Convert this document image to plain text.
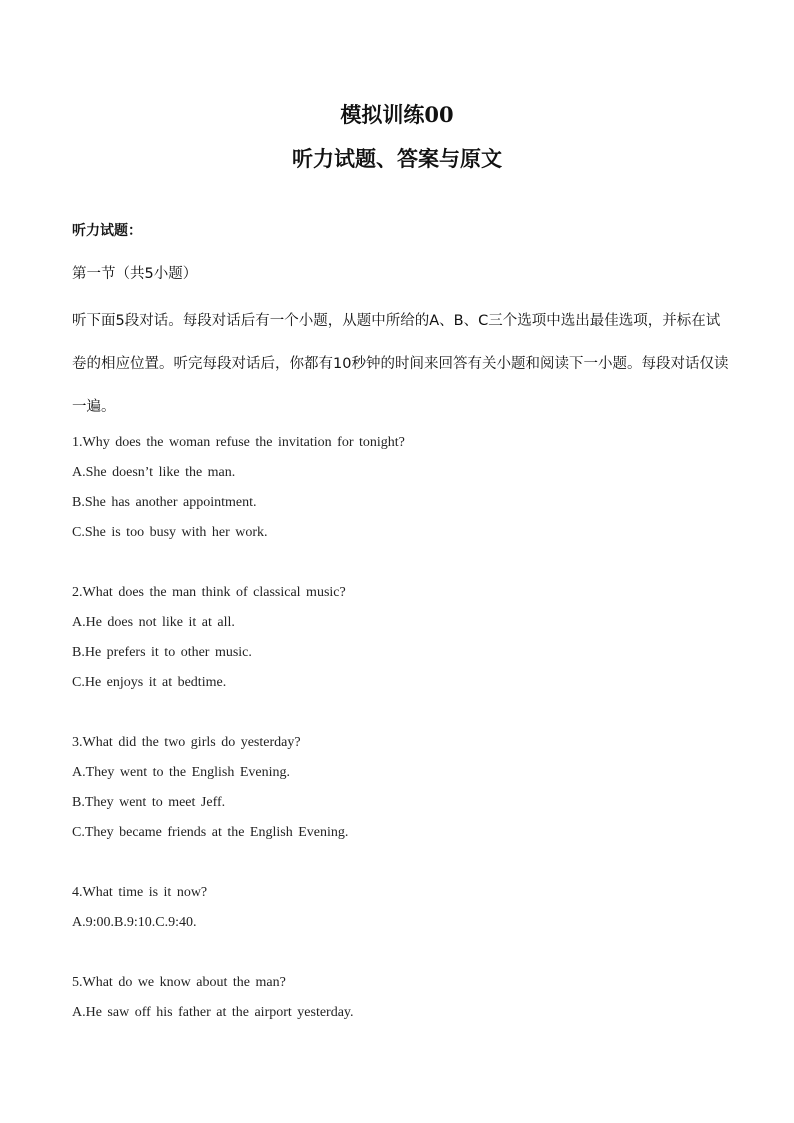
模拟训练00
听力试题、答案与原文

听力试题：

第一节（共5小题）

听下面5段对话。每段对话后有一个小题，从题中所给的A、B、C三个选项中选出最佳选项，并标在试卷的相应位置。听完每段对话后，你都有10秒钟的时间来回答有关小题和阅读下一小题。每段对话仅读一遍。

1.Why does the woman refuse the invitation for tonight?
A.She doesn’t like the man.
B.She has another appointment.
C.She is too busy with her work.
2.What does the man think of classical music?
A.He does not like it at all.
B.He prefers it to other music.
C.He enjoys it at bedtime.
3.What did the two girls do yesterday?
A.They went to the English Evening.
B.They went to meet Jeff.
C.They became friends at the English Evening.
4.What time is it now?
A.9:00.B.9:10.C.9:40.
5.What do we know about the man?
A.He saw off his father at the airport yesterday.
